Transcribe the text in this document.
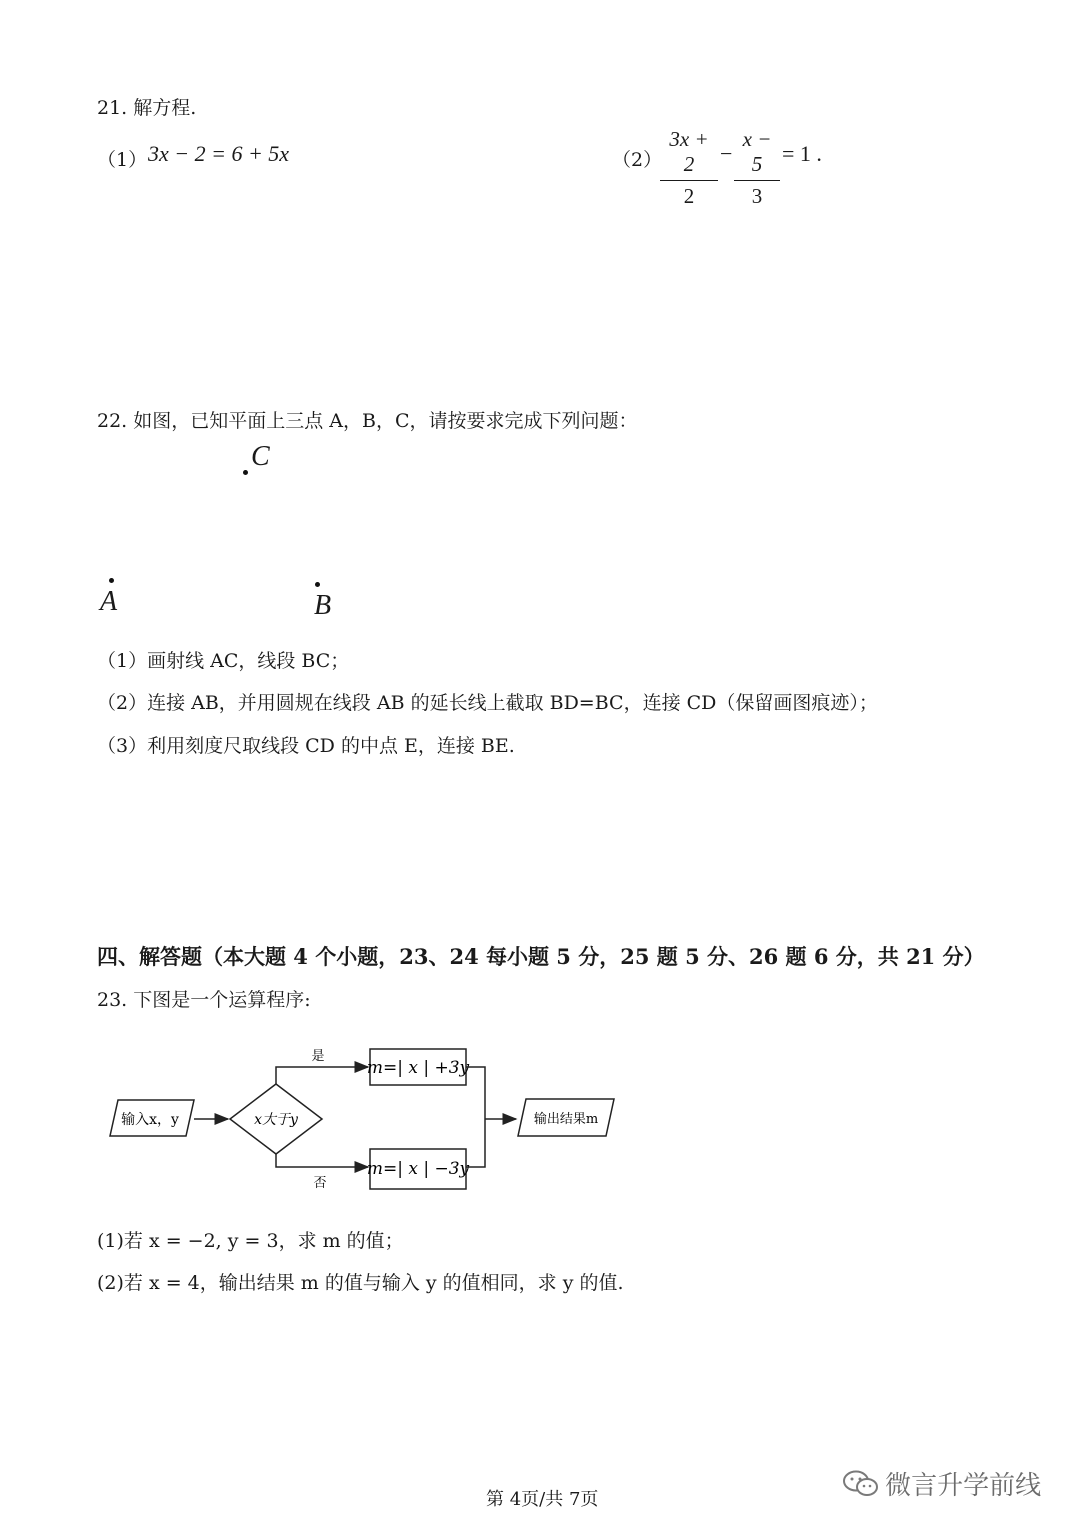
21. 解方程.
（1） 3x − 2 = 6 + 5x	（2）
3x + 2
2
−
x − 5
3
= 1 .
22. 如图，已知平面上三点 A，B，C，请按要求完成下列问题：
C
A	B
（1）画射线 AC，线段 BC；
（2）连接 AB，并用圆规在线段 AB 的延长线上截取 BD=BC，连接 CD（保留画图痕迹）；
（3）利用刻度尺取线段 CD 的中点 E，连接 BE.
四、解答题（本大题 4 个小题，23、24 每小题 5 分，25 题 5 分、26 题 6 分，共 21 分）
23. 下图是一个运算程序:
输入x，y	x大于y
是
m=| x | +3y
否
m=| x | −3y
输出结果m
(1)若 x = −2, y = 3，求 m 的值；
(2)若 x = 4，输出结果 m 的值与输入 y 的值相同，求 y 的值.
第 4页/共 7页	微言升学前线
